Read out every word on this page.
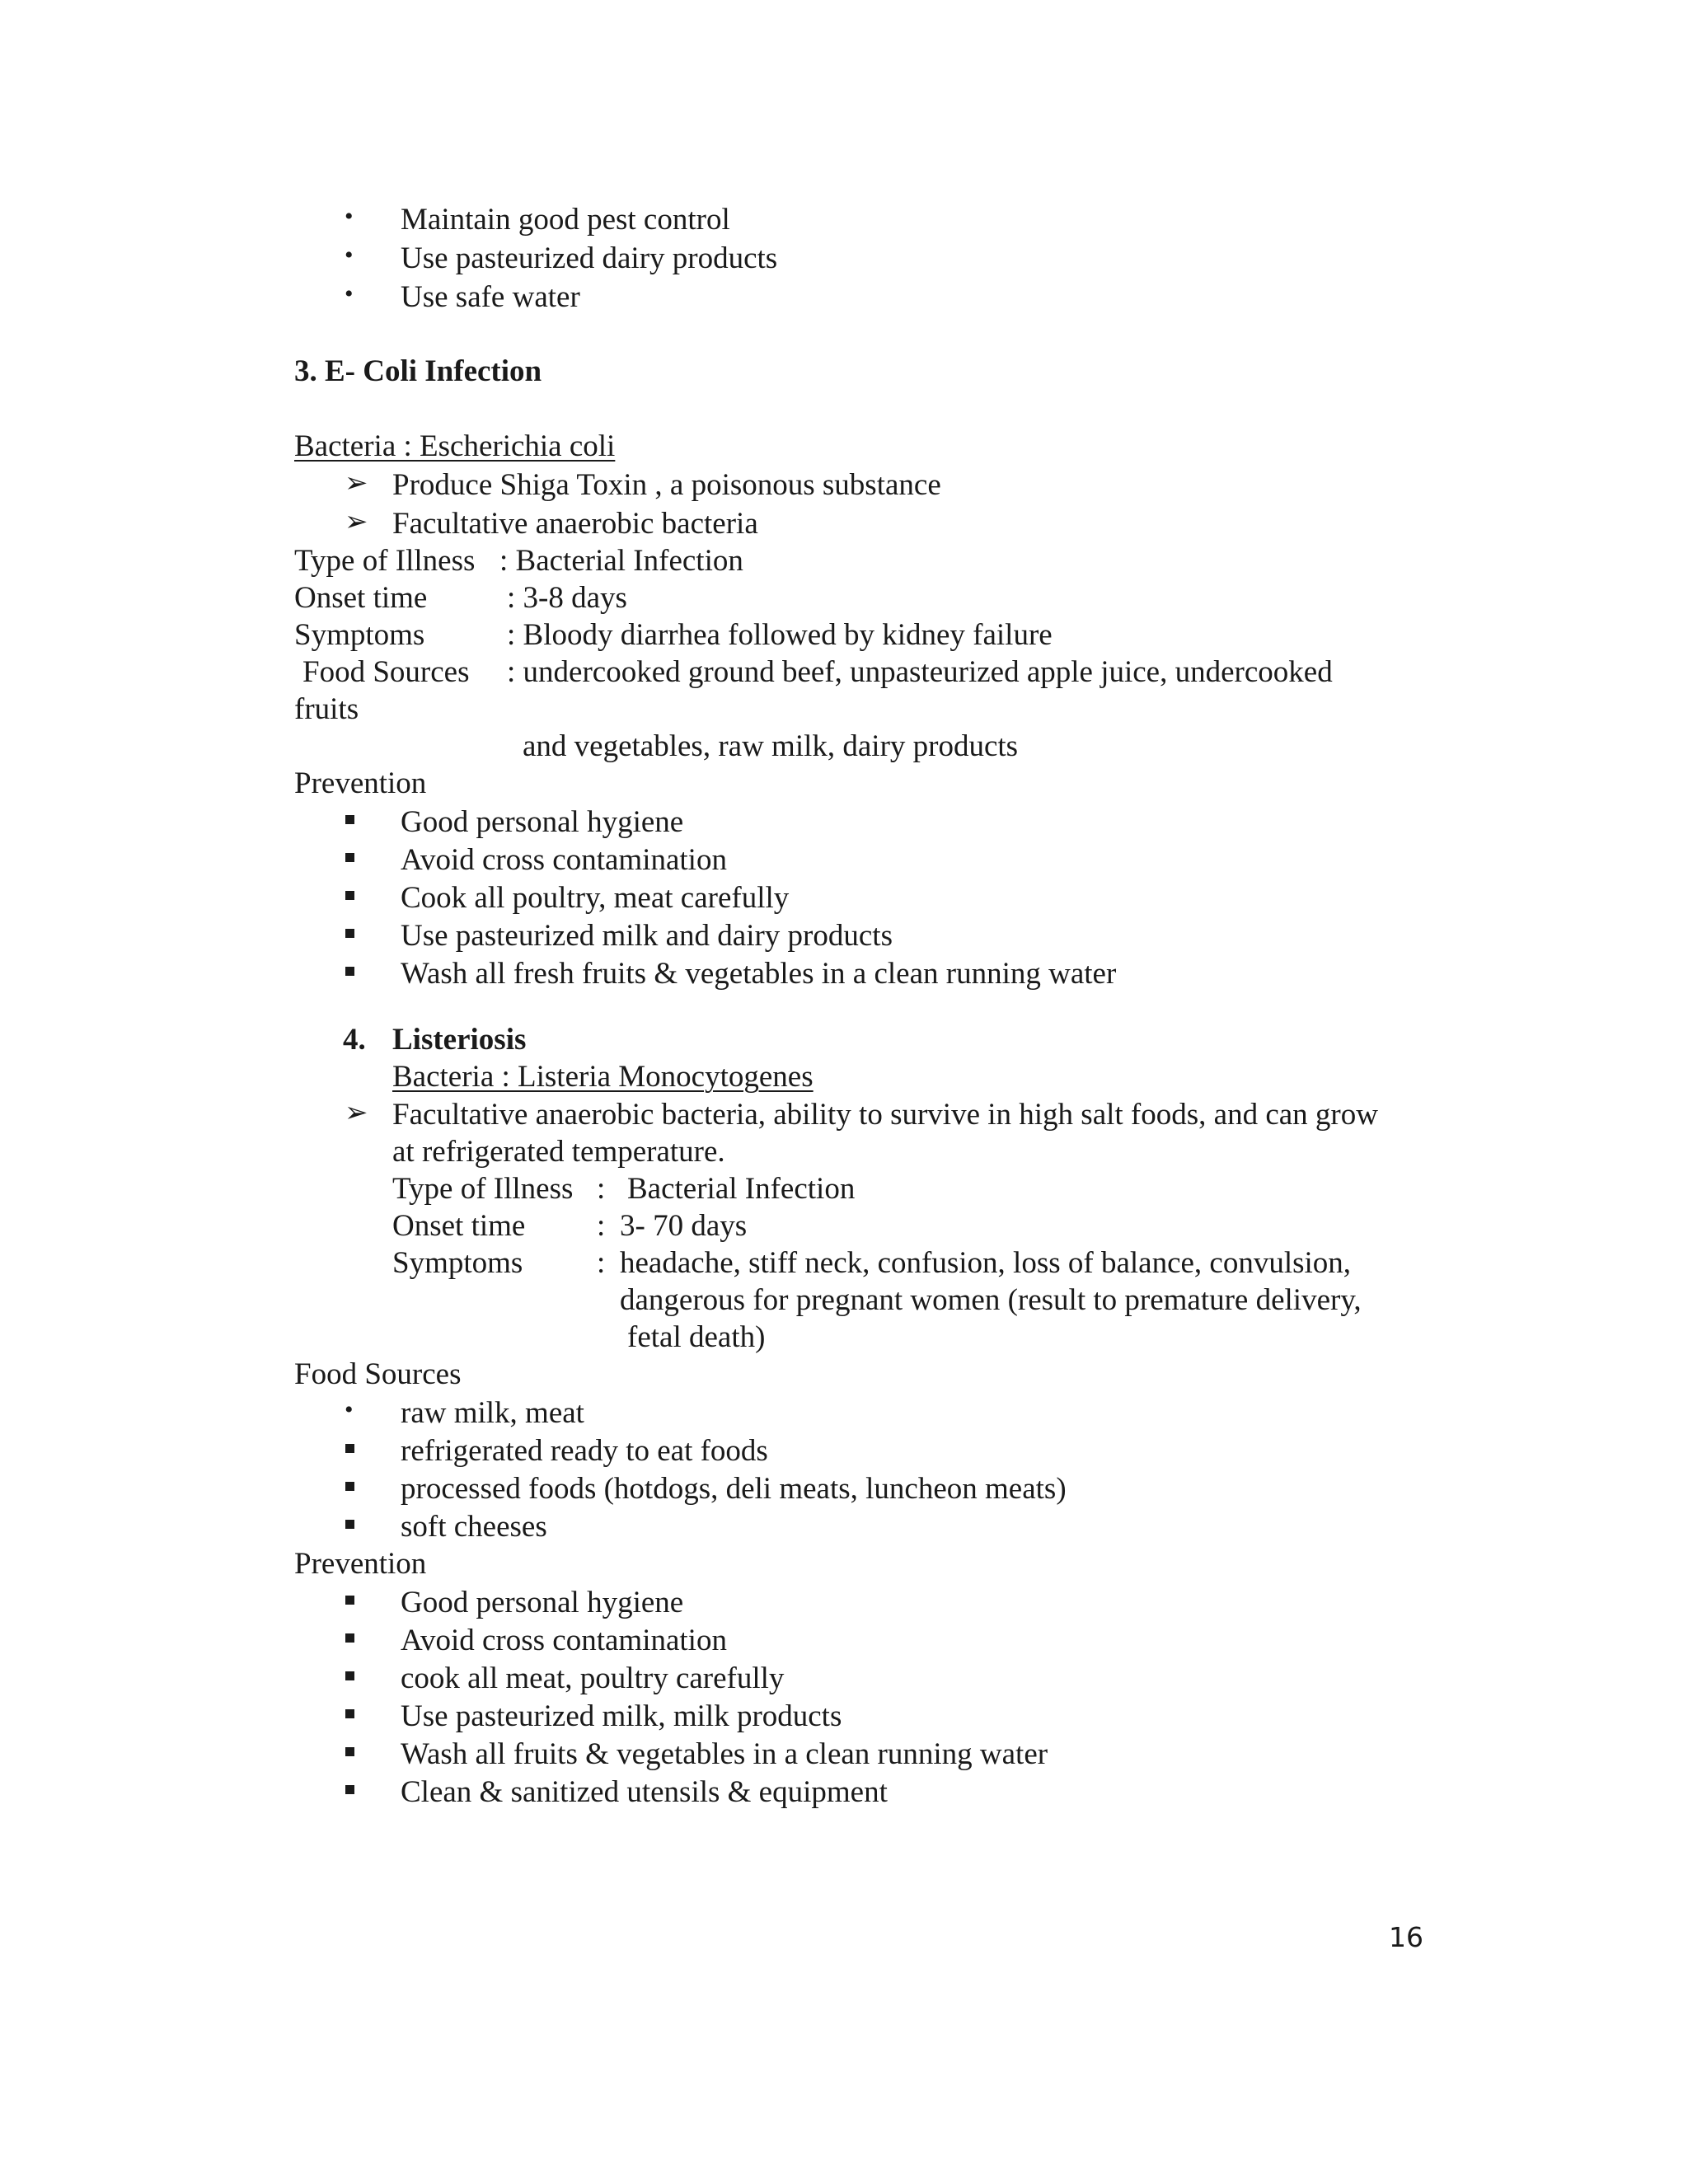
• Maintain good pest control
• Use pasteurized dairy products
• Use safe water
3. E- Coli Infection
Bacteria : Escherichia coli
➢ Produce Shiga Toxin , a poisonous substance
➢ Facultative anaerobic bacteria
Type of Illness : Bacterial Infection
Onset time	: 3-8 days
Symptoms	: Bloody diarrhea followed by kidney failure
Food Sources : undercooked ground beef, unpasteurized apple juice, undercooked
fruits
and vegetables, raw milk, dairy products
Prevention
Good personal hygiene
Avoid cross contamination
Cook all poultry, meat carefully
Use pasteurized milk and dairy products
Wash all fresh fruits & vegetables in a clean running water
4. Listeriosis
Bacteria : Listeria Monocytogenes
➢ Facultative anaerobic bacteria, ability to survive in high salt foods, and can grow
at refrigerated temperature.
Type of Illness : Bacterial Infection
Onset time : 3- 70 days
Symptoms : headache, stiff neck, confusion, loss of balance, convulsion,
dangerous for pregnant women (result to premature delivery,
fetal death)
Food Sources
• raw milk, meat
refrigerated ready to eat foods
processed foods (hotdogs, deli meats, luncheon meats)
soft cheeses
Prevention
Good personal hygiene
Avoid cross contamination
cook all meat, poultry carefully
Use pasteurized milk, milk products
Wash all fruits & vegetables in a clean running water
Clean & sanitized utensils & equipment
16
